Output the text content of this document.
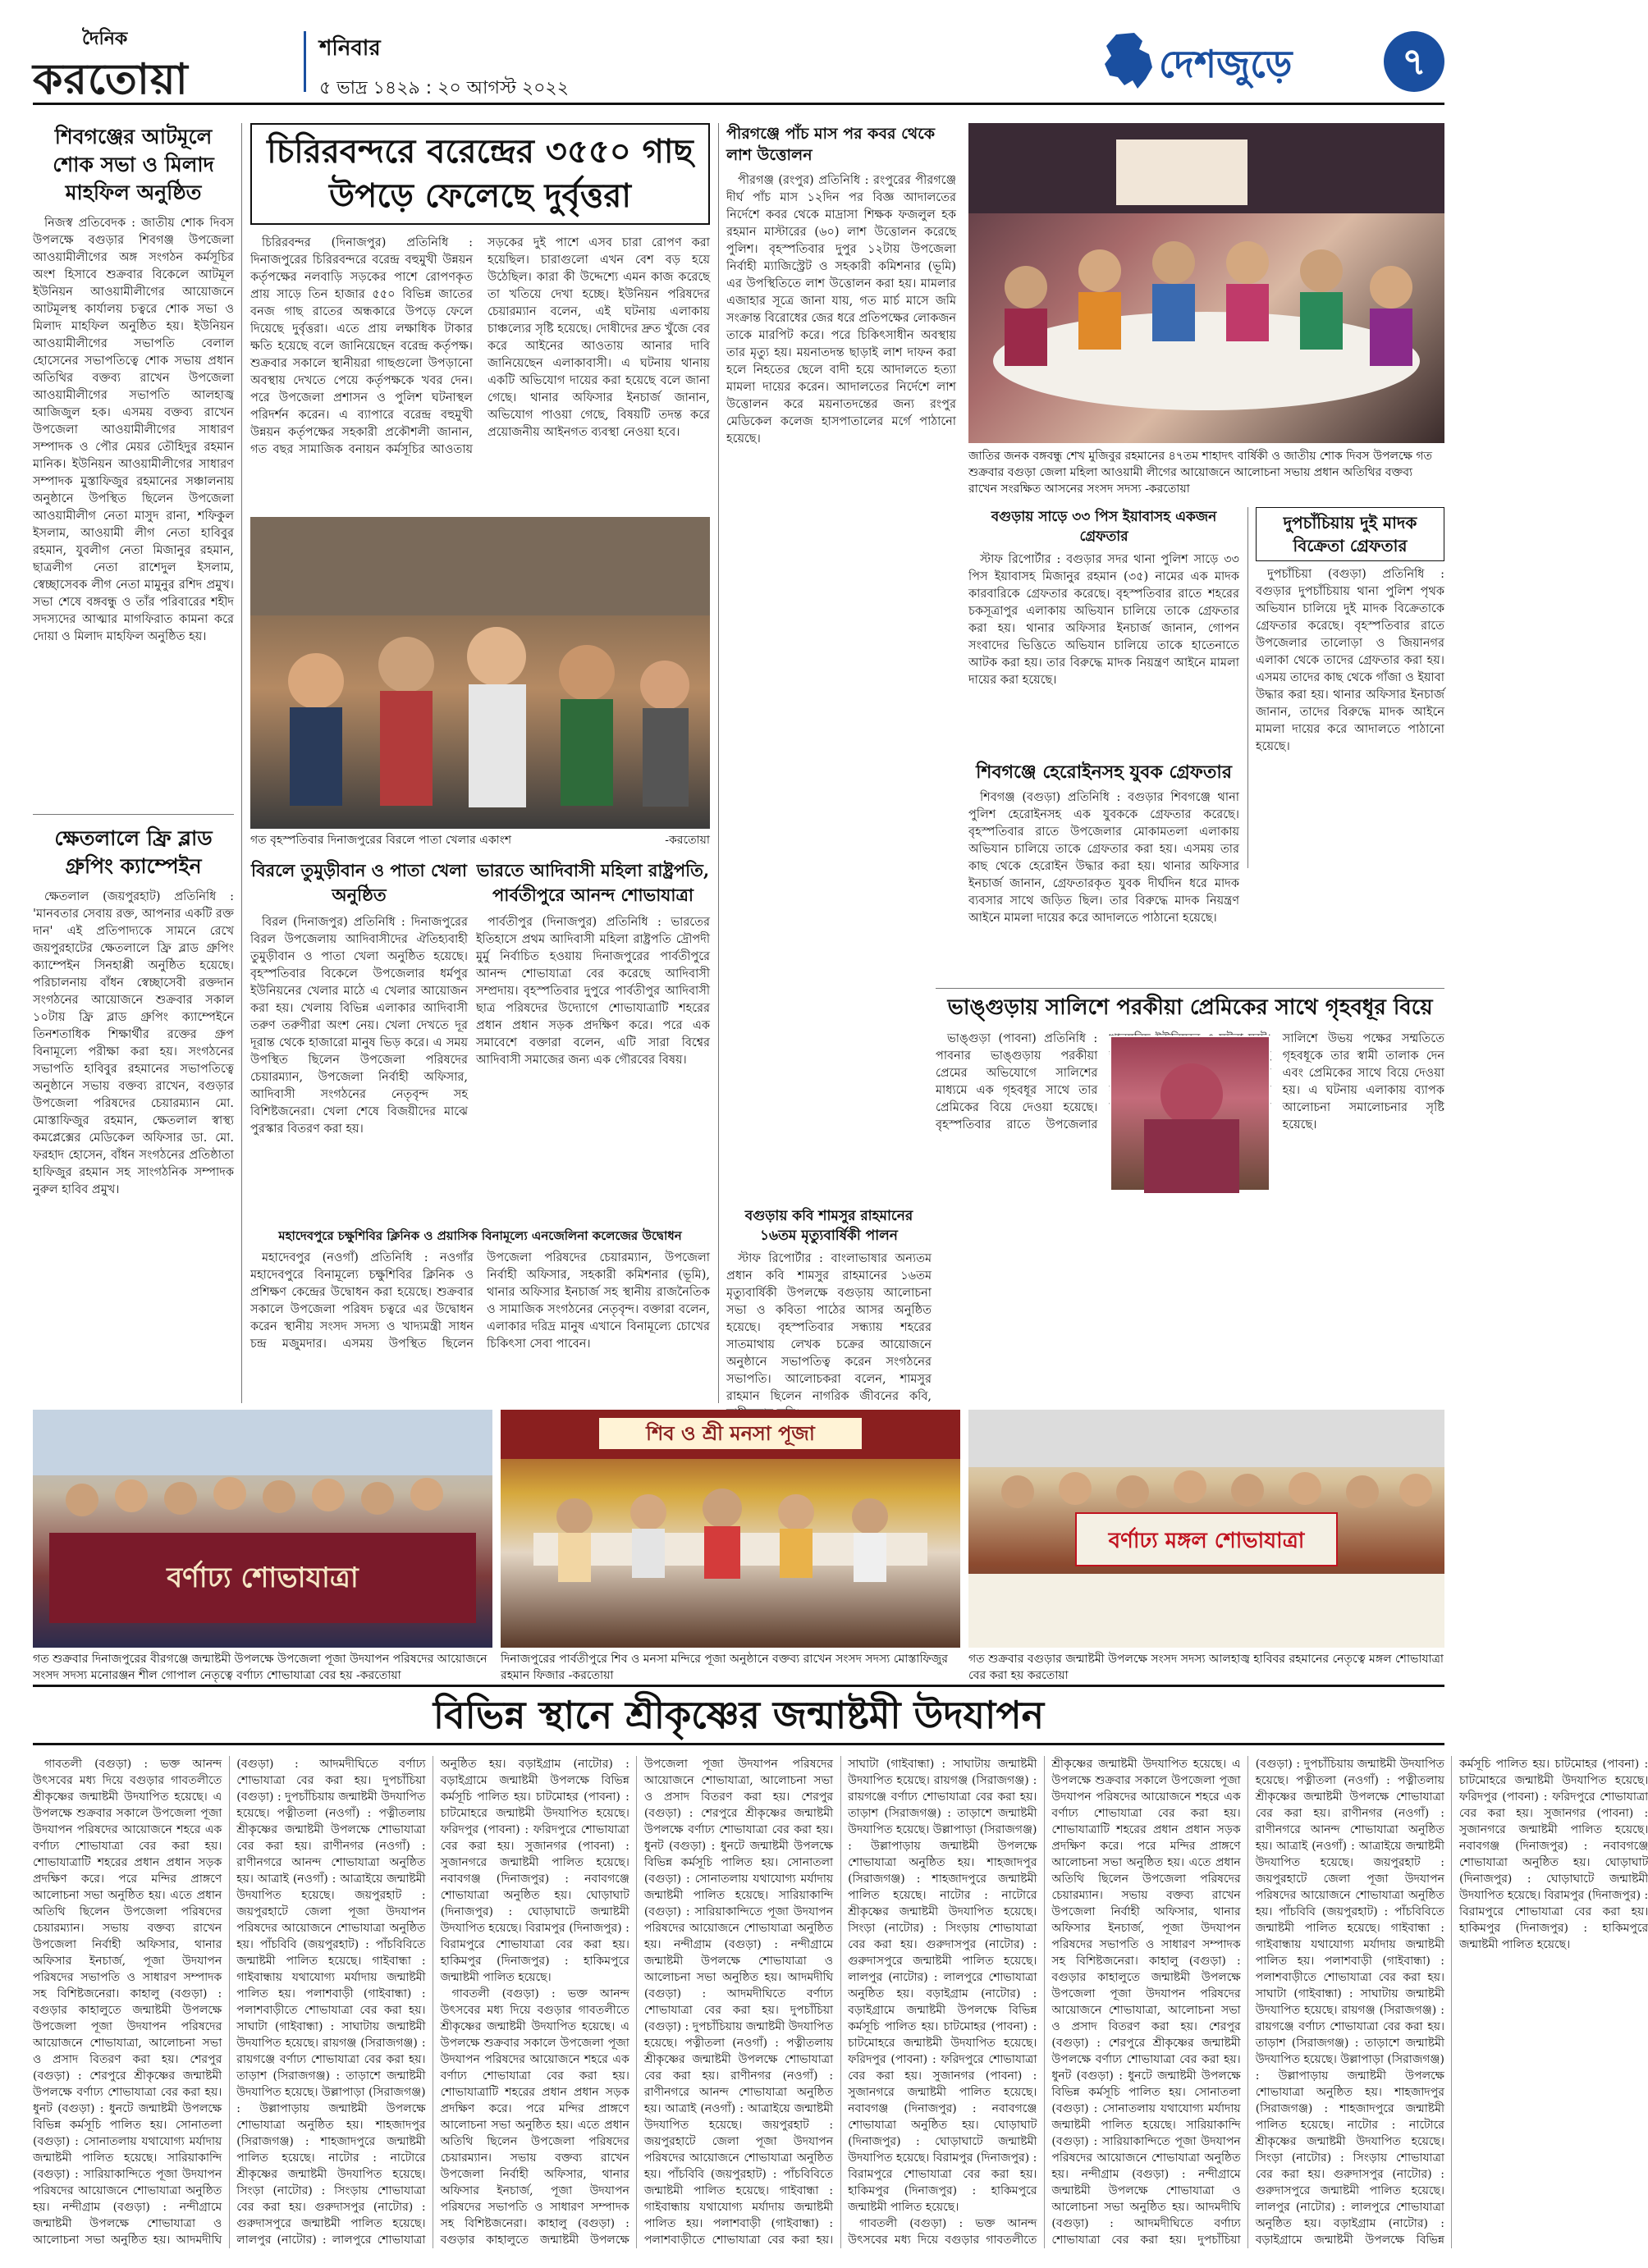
দৈনিক
করতোয়া
শনিবার
৫ ভাদ্র ১৪২৯ : ২০ আগস্ট ২০২২
দেশজুড়ে	৭
শিবগঞ্জের আটমূলে শোক সভা ও মিলাদ মাহফিল অনুষ্ঠিত

নিজস্ব প্রতিবেদক : জাতীয় শোক দিবস উপলক্ষে বগুড়ার শিবগঞ্জ উপজেলা আওয়ামীলীগের অঙ্গ সংগঠন কর্মসূচির অংশ হিসাবে শুক্রবার বিকেলে আটমূল ইউনিয়ন আওয়ামীলীগের আয়োজনে আটমূলস্থ কার্যালয় চত্বরে শোক সভা ও মিলাদ মাহফিল অনুষ্ঠিত হয়। ইউনিয়ন আওয়ামীলীগের সভাপতি বেলাল হোসেনের সভাপতিত্বে শোক সভায় প্রধান অতিথির বক্তব্য রাখেন উপজেলা আওয়ামীলীগের সভাপতি আলহাজ্ব আজিজুল হক। এসময় বক্তব্য রাখেন উপজেলা আওয়ামীলীগের সাধারণ সম্পাদক ও পৌর মেয়র তৌহিদুর রহমান মানিক। ইউনিয়ন আওয়ামীলীগের সাধারণ সম্পাদক মুস্তাফিজুর রহমানের সঞ্চালনায় অনুষ্ঠানে উপস্থিত ছিলেন উপজেলা আওয়ামীলীগ নেতা মাসুদ রানা, শফিকুল ইসলাম, আওয়ামী লীগ নেতা হাবিবুর রহমান, যুবলীগ নেতা মিজানুর রহমান, ছাত্রলীগ নেতা রাশেদুল ইসলাম, স্বেচ্ছাসেবক লীগ নেতা মামুনুর রশিদ প্রমুখ। সভা শেষে বঙ্গবন্ধু ও তাঁর পরিবারের শহীদ সদস্যদের আত্মার মাগফিরাত কামনা করে দোয়া ও মিলাদ মাহফিল অনুষ্ঠিত হয়।

ক্ষেতলালে ফ্রি ব্লাড গ্রুপিং ক্যাম্পেইন

ক্ষেতলাল (জয়পুরহাট) প্রতিনিধি : 'মানবতার সেবায় রক্ত, আপনার একটি রক্ত দান' এই প্রতিপাদ্যকে সামনে রেখে জয়পুরহাটের ক্ষেতলালে ফ্রি ব্লাড গ্রুপিং ক্যাম্পেইন সিনহাপ্পী অনুষ্ঠিত হয়েছে। পরিচালনায় বাঁধন স্বেচ্ছাসেবী রক্তদান সংগঠনের আয়োজনে শুক্রবার সকাল ১০টায় ফ্রি ব্লাড গ্রুপিং ক্যাম্পেইনে তিনশতাধিক শিক্ষার্থীর রক্তের গ্রুপ বিনামূল্যে পরীক্ষা করা হয়। সংগঠনের সভাপতি হাবিবুর রহমানের সভাপতিত্বে অনুষ্ঠানে সভায় বক্তব্য রাখেন, বগুড়ার উপজেলা পরিষদের চেয়ারম্যান মো. মোস্তাফিজুর রহমান, ক্ষেতলাল স্বাস্থ্য কমপ্লেক্সের মেডিকেল অফিসার ডা. মো. ফরহাদ হোসেন, বাঁধন সংগঠনের প্রতিষ্ঠাতা হাফিজুর রহমান সহ সাংগঠনিক সম্পাদক নুরুল হাবিব প্রমুখ।

চিরিরবন্দরে বরেন্দ্রের ৩৫৫০ গাছ উপড়ে ফেলেছে দুর্বৃত্তরা

চিরিরবন্দর (দিনাজপুর) প্রতিনিধি : দিনাজপুরের চিরিরবন্দরে বরেন্দ্র বহুমুখী উন্নয়ন কর্তৃপক্ষের নলবাড়ি সড়কের পাশে রোপণকৃত প্রায় সাড়ে তিন হাজার ৫৫০ বিভিন্ন জাতের বনজ গাছ রাতের অন্ধকারে উপড়ে ফেলে দিয়েছে দুর্বৃত্তরা। এতে প্রায় লক্ষাধিক টাকার ক্ষতি হয়েছে বলে জানিয়েছেন বরেন্দ্র কর্তৃপক্ষ। শুক্রবার সকালে স্থানীয়রা গাছগুলো উপড়ানো অবস্থায় দেখতে পেয়ে কর্তৃপক্ষকে খবর দেন। পরে উপজেলা প্রশাসন ও পুলিশ ঘটনাস্থল পরিদর্শন করেন। এ ব্যাপারে বরেন্দ্র বহুমুখী উন্নয়ন কর্তৃপক্ষের সহকারী প্রকৌশলী জানান, গত বছর সামাজিক বনায়ন কর্মসূচির আওতায় সড়কের দুই পাশে এসব চারা রোপণ করা হয়েছিল। চারাগুলো এখন বেশ বড় হয়ে উঠেছিল। কারা কী উদ্দেশ্যে এমন কাজ করেছে তা খতিয়ে দেখা হচ্ছে। ইউনিয়ন পরিষদের চেয়ারম্যান বলেন, এই ঘটনায় এলাকায় চাঞ্চল্যের সৃষ্টি হয়েছে। দোষীদের দ্রুত খুঁজে বের করে আইনের আওতায় আনার দাবি জানিয়েছেন এলাকাবাসী। এ ঘটনায় থানায় একটি অভিযোগ দায়ের করা হয়েছে বলে জানা গেছে। থানার অফিসার ইনচার্জ জানান, অভিযোগ পাওয়া গেছে, বিষয়টি তদন্ত করে প্রয়োজনীয় আইনগত ব্যবস্থা নেওয়া হবে।

গত বৃহস্পতিবার দিনাজপুরের বিরলে পাতা খেলার একাংশ	-করতোয়া
পীরগঞ্জে পাঁচ মাস পর কবর থেকে লাশ উত্তোলন

পীরগঞ্জ (রংপুর) প্রতিনিধি : রংপুরের পীরগঞ্জে দীর্ঘ পাঁচ মাস ১২দিন পর বিজ্ঞ আদালতের নির্দেশে কবর থেকে মাদ্রাসা শিক্ষক ফজলুল হক রহমান মাস্টারের (৬০) লাশ উত্তোলন করেছে পুলিশ। বৃহস্পতিবার দুপুর ১২টায় উপজেলা নির্বাহী ম্যাজিস্ট্রেট ও সহকারী কমিশনার (ভূমি) এর উপস্থিতিতে লাশ উত্তোলন করা হয়। মামলার এজাহার সূত্রে জানা যায়, গত মার্চ মাসে জমি সংক্রান্ত বিরোধের জের ধরে প্রতিপক্ষের লোকজন তাকে মারপিট করে। পরে চিকিৎসাধীন অবস্থায় তার মৃত্যু হয়। ময়নাতদন্ত ছাড়াই লাশ দাফন করা হলে নিহতের ছেলে বাদী হয়ে আদালতে হত্যা মামলা দায়ের করেন। আদালতের নির্দেশে লাশ উত্তোলন করে ময়নাতদন্তের জন্য রংপুর মেডিকেল কলেজ হাসপাতালের মর্গে পাঠানো হয়েছে।

ভারতে আদিবাসী মহিলা রাষ্ট্রপতি, পার্বতীপুরে আনন্দ শোভাযাত্রা

পার্বতীপুর (দিনাজপুর) প্রতিনিধি : ভারতের ইতিহাসে প্রথম আদিবাসী মহিলা রাষ্ট্রপতি দ্রৌপদী মুর্মু নির্বাচিত হওয়ায় দিনাজপুরের পার্বতীপুরে আনন্দ শোভাযাত্রা বের করেছে আদিবাসী সম্প্রদায়। বৃহস্পতিবার দুপুরে পার্বতীপুর আদিবাসী ছাত্র পরিষদের উদ্যোগে শোভাযাত্রাটি শহরের প্রধান প্রধান সড়ক প্রদক্ষিণ করে। পরে এক সমাবেশে বক্তারা বলেন, এটি সারা বিশ্বের আদিবাসী সমাজের জন্য এক গৌরবের বিষয়।

বিরলে তুমুড়ীবান ও পাতা খেলা অনুষ্ঠিত

বিরল (দিনাজপুর) প্রতিনিধি : দিনাজপুরের বিরল উপজেলায় আদিবাসীদের ঐতিহ্যবাহী তুমুড়ীবান ও পাতা খেলা অনুষ্ঠিত হয়েছে। বৃহস্পতিবার বিকেলে উপজেলার ধর্মপুর ইউনিয়নের খেলার মাঠে এ খেলার আয়োজন করা হয়। খেলায় বিভিন্ন এলাকার আদিবাসী তরুণ তরুণীরা অংশ নেয়। খেলা দেখতে দূর দূরান্ত থেকে হাজারো মানুষ ভিড় করে। এ সময় উপস্থিত ছিলেন উপজেলা পরিষদের চেয়ারম্যান, উপজেলা নির্বাহী অফিসার, আদিবাসী সংগঠনের নেতৃবৃন্দ সহ বিশিষ্টজনেরা। খেলা শেষে বিজয়ীদের মাঝে পুরস্কার বিতরণ করা হয়।

মহাদেবপুরে চক্ষুশিবির ক্লিনিক ও প্রয়াসিক বিনামূল্যে এনজেলিনা কলেজের উদ্বোধন

মহাদেবপুর (নওগাঁ) প্রতিনিধি : নওগাঁর মহাদেবপুরে বিনামূল্যে চক্ষুশিবির ক্লিনিক ও প্রশিক্ষণ কেন্দ্রের উদ্বোধন করা হয়েছে। শুক্রবার সকালে উপজেলা পরিষদ চত্বরে এর উদ্বোধন করেন স্থানীয় সংসদ সদস্য ও খাদ্যমন্ত্রী সাধন চন্দ্র মজুমদার। এসময় উপস্থিত ছিলেন উপজেলা পরিষদের চেয়ারম্যান, উপজেলা নির্বাহী অফিসার, সহকারী কমিশনার (ভূমি), থানার অফিসার ইনচার্জ সহ স্থানীয় রাজনৈতিক ও সামাজিক সংগঠনের নেতৃবৃন্দ। বক্তারা বলেন, এলাকার দরিদ্র মানুষ এখানে বিনামূল্যে চোখের চিকিৎসা সেবা পাবেন।

জাতির জনক বঙ্গবন্ধু শেখ মুজিবুর রহমানের ৪৭তম শাহাদৎ বার্ষিকী ও জাতীয় শোক দিবস উপলক্ষে গত শুক্রবার বগুড়া জেলা মহিলা আওয়ামী লীগের আয়োজনে আলোচনা সভায় প্রধান অতিথির বক্তব্য রাখেন সংরক্ষিত আসনের সংসদ সদস্য -করতোয়া
বগুড়ায় সাড়ে ৩৩ পিস ইয়াবাসহ একজন গ্রেফতার

স্টাফ রিপোর্টার : বগুড়ার সদর থানা পুলিশ সাড়ে ৩৩ পিস ইয়াবাসহ মিজানুর রহমান (৩৫) নামের এক মাদক কারবারিকে গ্রেফতার করেছে। বৃহস্পতিবার রাতে শহরের চকসূত্রাপুর এলাকায় অভিযান চালিয়ে তাকে গ্রেফতার করা হয়। থানার অফিসার ইনচার্জ জানান, গোপন সংবাদের ভিত্তিতে অভিযান চালিয়ে তাকে হাতেনাতে আটক করা হয়। তার বিরুদ্ধে মাদক নিয়ন্ত্রণ আইনে মামলা দায়ের করা হয়েছে।

দুপচাঁচিয়ায় দুই মাদক বিক্রেতা গ্রেফতার

দুপচাঁচিয়া (বগুড়া) প্রতিনিধি : বগুড়ার দুপচাঁচিয়ায় থানা পুলিশ পৃথক অভিযান চালিয়ে দুই মাদক বিক্রেতাকে গ্রেফতার করেছে। বৃহস্পতিবার রাতে উপজেলার তালোড়া ও জিয়ানগর এলাকা থেকে তাদের গ্রেফতার করা হয়। এসময় তাদের কাছ থেকে গাঁজা ও ইয়াবা উদ্ধার করা হয়। থানার অফিসার ইনচার্জ জানান, তাদের বিরুদ্ধে মাদক আইনে মামলা দায়ের করে আদালতে পাঠানো হয়েছে।

শিবগঞ্জে হেরোইনসহ যুবক গ্রেফতার

শিবগঞ্জ (বগুড়া) প্রতিনিধি : বগুড়ার শিবগঞ্জে থানা পুলিশ হেরোইনসহ এক যুবককে গ্রেফতার করেছে। বৃহস্পতিবার রাতে উপজেলার মোকামতলা এলাকায় অভিযান চালিয়ে তাকে গ্রেফতার করা হয়। এসময় তার কাছ থেকে হেরোইন উদ্ধার করা হয়। থানার অফিসার ইনচার্জ জানান, গ্রেফতারকৃত যুবক দীর্ঘদিন ধরে মাদক ব্যবসার সাথে জড়িত ছিল। তার বিরুদ্ধে মাদক নিয়ন্ত্রণ আইনে মামলা দায়ের করে আদালতে পাঠানো হয়েছে।

ভাঙ্গুড়ায় সালিশে পরকীয়া প্রেমিকের সাথে গৃহবধূর বিয়ে

ভাঙ্গুড়া (পাবনা) প্রতিনিধি : পাবনার ভাঙ্গুড়ায় পরকীয়া প্রেমের অভিযোগে সালিশের মাধ্যমে এক গৃহবধূর সাথে তার প্রেমিকের বিয়ে দেওয়া হয়েছে। বৃহস্পতিবার রাতে উপজেলার সালিশে উভয় পক্ষের সম্মতিতে গৃহবধূকে তার স্বামী তালাক দেন এবং প্রেমিকের সাথে বিয়ে দেওয়া হয়। এ ঘটনায় এলাকায় ব্যাপক আলোচনা সমালোচনার সৃষ্টি হয়েছে।

বগুড়ায় কবি শামসুর রাহমানের ১৬তম মৃত্যুবার্ষিকী পালন

স্টাফ রিপোর্টার : বাংলাভাষার অন্যতম প্রধান কবি শামসুর রাহমানের ১৬তম মৃত্যুবার্ষিকী উপলক্ষে বগুড়ায় আলোচনা সভা ও কবিতা পাঠের আসর অনুষ্ঠিত হয়েছে। বৃহস্পতিবার সন্ধ্যায় শহরের সাতমাথায় লেখক চক্রের আয়োজনে অনুষ্ঠানে সভাপতিত্ব করেন সংগঠনের সভাপতি। আলোচকরা বলেন, শামসুর রাহমান ছিলেন নাগরিক জীবনের কবি,

বর্ণাঢ্য শোভাযাত্রা
গত শুক্রবার দিনাজপুরের বীরগঞ্জে জন্মাষ্টমী উপলক্ষে উপজেলা পূজা উদযাপন পরিষদের আয়োজনে সংসদ সদস্য মনোরঞ্জন শীল গোপাল নেতৃত্বে বর্ণাঢ্য শোভাযাত্রা বের হয় -করতোয়া
শিব ও শ্রী মনসা পূজা
দিনাজপুরের পার্বতীপুরে শিব ও মনসা মন্দিরে পূজা অনুষ্ঠানে বক্তব্য রাখেন সংসদ সদস্য মোস্তাফিজুর রহমান ফিজার -করতোয়া
বর্ণাঢ্য মঙ্গল শোভাযাত্রা
গত শুক্রবার বগুড়ার জন্মাষ্টমী উপলক্ষে সংসদ সদস্য আলহাজ্ব হাবিবর রহমানের নেতৃত্বে মঙ্গল শোভাযাত্রা বের করা হয় করতোয়া
বিভিন্ন স্থানে শ্রীকৃষ্ণের জন্মাষ্টমী উদযাপন

গাবতলী (বগুড়া) : ভক্ত আনন্দ উৎসবের মধ্য দিয়ে বগুড়ার গাবতলীতে শ্রীকৃষ্ণের জন্মাষ্টমী উদযাপিত হয়েছে। এ উপলক্ষে শুক্রবার সকালে উপজেলা পূজা উদযাপন পরিষদের আয়োজনে শহরে এক বর্ণাঢ্য শোভাযাত্রা বের করা হয়। শোভাযাত্রাটি শহরের প্রধান প্রধান সড়ক প্রদক্ষিণ করে। পরে মন্দির প্রাঙ্গণে আলোচনা সভা অনুষ্ঠিত হয়। এতে প্রধান অতিথি ছিলেন উপজেলা পরিষদের চেয়ারম্যান। সভায় বক্তব্য রাখেন উপজেলা নির্বাহী অফিসার, থানার অফিসার ইনচার্জ, পূজা উদযাপন পরিষদের সভাপতি ও সাধারণ সম্পাদক সহ বিশিষ্টজনেরা। কাহালু (বগুড়া) : বগুড়ার কাহালুতে জন্মাষ্টমী উপলক্ষে উপজেলা পূজা উদযাপন পরিষদের আয়োজনে শোভাযাত্রা, আলোচনা সভা ও প্রসাদ বিতরণ করা হয়। শেরপুর (বগুড়া) : শেরপুরে শ্রীকৃষ্ণের জন্মাষ্টমী উপলক্ষে বর্ণাঢ্য শোভাযাত্রা বের করা হয়। ধুনট (বগুড়া) : ধুনটে জন্মাষ্টমী উপলক্ষে বিভিন্ন কর্মসূচি পালিত হয়। সোনাতলা (বগুড়া) : সোনাতলায় যথাযোগ্য মর্যাদায় জন্মাষ্টমী পালিত হয়েছে। সারিয়াকান্দি (বগুড়া) : সারিয়াকান্দিতে পূজা উদযাপন পরিষদের আয়োজনে শোভাযাত্রা অনুষ্ঠিত হয়। নন্দীগ্রাম (বগুড়া) : নন্দীগ্রামে জন্মাষ্টমী উপলক্ষে শোভাযাত্রা ও আলোচনা সভা অনুষ্ঠিত হয়। আদমদীঘি (বগুড়া) : আদমদীঘিতে বর্ণাঢ্য শোভাযাত্রা বের করা হয়। দুপচাঁচিয়া (বগুড়া) : দুপচাঁচিয়ায় জন্মাষ্টমী উদযাপিত হয়েছে। পত্নীতলা (নওগাঁ) : পত্নীতলায় শ্রীকৃষ্ণের জন্মাষ্টমী উপলক্ষে শোভাযাত্রা বের করা হয়। রাণীনগর (নওগাঁ) : রাণীনগরে আনন্দ শোভাযাত্রা অনুষ্ঠিত হয়। আত্রাই (নওগাঁ) : আত্রাইয়ে জন্মাষ্টমী উদযাপিত হয়েছে। জয়পুরহাট : জয়পুরহাটে জেলা পূজা উদযাপন পরিষদের আয়োজনে শোভাযাত্রা অনুষ্ঠিত হয়। পাঁচবিবি (জয়পুরহাট) : পাঁচবিবিতে জন্মাষ্টমী পালিত হয়েছে। গাইবান্ধা : গাইবান্ধায় যথাযোগ্য মর্যাদায় জন্মাষ্টমী পালিত হয়। পলাশবাড়ী (গাইবান্ধা) : পলাশবাড়ীতে শোভাযাত্রা বের করা হয়। সাঘাটা (গাইবান্ধা) : সাঘাটায় জন্মাষ্টমী উদযাপিত হয়েছে। রায়গঞ্জ (সিরাজগঞ্জ) : রায়গঞ্জে বর্ণাঢ্য শোভাযাত্রা বের করা হয়। তাড়াশ (সিরাজগঞ্জ) : তাড়াশে জন্মাষ্টমী উদযাপিত হয়েছে। উল্লাপাড়া (সিরাজগঞ্জ) : উল্লাপাড়ায় জন্মাষ্টমী উপলক্ষে শোভাযাত্রা অনুষ্ঠিত হয়। শাহজাদপুর (সিরাজগঞ্জ) : শাহজাদপুরে জন্মাষ্টমী পালিত হয়েছে। নাটোর : নাটোরে শ্রীকৃষ্ণের জন্মাষ্টমী উদযাপিত হয়েছে। সিংড়া (নাটোর) : সিংড়ায় শোভাযাত্রা বের করা হয়। গুরুদাসপুর (নাটোর) : গুরুদাসপুরে জন্মাষ্টমী পালিত হয়েছে। লালপুর (নাটোর) : লালপুরে শোভাযাত্রা অনুষ্ঠিত হয়। বড়াইগ্রাম (নাটোর) : বড়াইগ্রামে জন্মাষ্টমী উপলক্ষে বিভিন্ন কর্মসূচি পালিত হয়। চাটমোহর (পাবনা) : চাটমোহরে জন্মাষ্টমী উদযাপিত হয়েছে। ফরিদপুর (পাবনা) : ফরিদপুরে শোভাযাত্রা বের করা হয়। সুজানগর (পাবনা) : সুজানগরে জন্মাষ্টমী পালিত হয়েছে। নবাবগঞ্জ (দিনাজপুর) : নবাবগঞ্জে শোভাযাত্রা অনুষ্ঠিত হয়। ঘোড়াঘাট (দিনাজপুর) : ঘোড়াঘাটে জন্মাষ্টমী উদযাপিত হয়েছে। বিরামপুর (দিনাজপুর) : বিরামপুরে শোভাযাত্রা বের করা হয়। হাকিমপুর (দিনাজপুর) : হাকিমপুরে জন্মাষ্টমী পালিত হয়েছে।

গাবতলী (বগুড়া) : ভক্ত আনন্দ উৎসবের মধ্য দিয়ে বগুড়ার গাবতলীতে শ্রীকৃষ্ণের জন্মাষ্টমী উদযাপিত হয়েছে। এ উপলক্ষে শুক্রবার সকালে উপজেলা পূজা উদযাপন পরিষদের আয়োজনে শহরে এক বর্ণাঢ্য শোভাযাত্রা বের করা হয়। শোভাযাত্রাটি শহরের প্রধান প্রধান সড়ক প্রদক্ষিণ করে। পরে মন্দির প্রাঙ্গণে আলোচনা সভা অনুষ্ঠিত হয়। এতে প্রধান অতিথি ছিলেন উপজেলা পরিষদের চেয়ারম্যান। সভায় বক্তব্য রাখেন উপজেলা নির্বাহী অফিসার, থানার অফিসার ইনচার্জ, পূজা উদযাপন পরিষদের সভাপতি ও সাধারণ সম্পাদক সহ বিশিষ্টজনেরা। কাহালু (বগুড়া) : বগুড়ার কাহালুতে জন্মাষ্টমী উপলক্ষে উপজেলা পূজা উদযাপন পরিষদের আয়োজনে শোভাযাত্রা, আলোচনা সভা ও প্রসাদ বিতরণ করা হয়। শেরপুর (বগুড়া) : শেরপুরে শ্রীকৃষ্ণের জন্মাষ্টমী উপলক্ষে বর্ণাঢ্য শোভাযাত্রা বের করা হয়। ধুনট (বগুড়া) : ধুনটে জন্মাষ্টমী উপলক্ষে বিভিন্ন কর্মসূচি পালিত হয়। সোনাতলা (বগুড়া) : সোনাতলায় যথাযোগ্য মর্যাদায় জন্মাষ্টমী পালিত হয়েছে। সারিয়াকান্দি (বগুড়া) : সারিয়াকান্দিতে পূজা উদযাপন পরিষদের আয়োজনে শোভাযাত্রা অনুষ্ঠিত হয়। নন্দীগ্রাম (বগুড়া) : নন্দীগ্রামে জন্মাষ্টমী উপলক্ষে শোভাযাত্রা ও আলোচনা সভা অনুষ্ঠিত হয়। আদমদীঘি (বগুড়া) : আদমদীঘিতে বর্ণাঢ্য শোভাযাত্রা বের করা হয়। দুপচাঁচিয়া (বগুড়া) : দুপচাঁচিয়ায় জন্মাষ্টমী উদযাপিত হয়েছে। পত্নীতলা (নওগাঁ) : পত্নীতলায় শ্রীকৃষ্ণের জন্মাষ্টমী উপলক্ষে শোভাযাত্রা বের করা হয়। রাণীনগর (নওগাঁ) : রাণীনগরে আনন্দ শোভাযাত্রা অনুষ্ঠিত হয়। আত্রাই (নওগাঁ) : আত্রাইয়ে জন্মাষ্টমী উদযাপিত হয়েছে। জয়পুরহাট : জয়পুরহাটে জেলা পূজা উদযাপন পরিষদের আয়োজনে শোভাযাত্রা অনুষ্ঠিত হয়। পাঁচবিবি (জয়পুরহাট) : পাঁচবিবিতে জন্মাষ্টমী পালিত হয়েছে। গাইবান্ধা : গাইবান্ধায় যথাযোগ্য মর্যাদায় জন্মাষ্টমী পালিত হয়। পলাশবাড়ী (গাইবান্ধা) : পলাশবাড়ীতে শোভাযাত্রা বের করা হয়। সাঘাটা (গাইবান্ধা) : সাঘাটায় জন্মাষ্টমী উদযাপিত হয়েছে। রায়গঞ্জ (সিরাজগঞ্জ) : রায়গঞ্জে বর্ণাঢ্য শোভাযাত্রা বের করা হয়। তাড়াশ (সিরাজগঞ্জ) : তাড়াশে জন্মাষ্টমী উদযাপিত হয়েছে। উল্লাপাড়া (সিরাজগঞ্জ) : উল্লাপাড়ায় জন্মাষ্টমী উপলক্ষে শোভাযাত্রা অনুষ্ঠিত হয়। শাহজাদপুর (সিরাজগঞ্জ) : শাহজাদপুরে জন্মাষ্টমী পালিত হয়েছে। নাটোর : নাটোরে শ্রীকৃষ্ণের জন্মাষ্টমী উদযাপিত হয়েছে। সিংড়া (নাটোর) : সিংড়ায় শোভাযাত্রা বের করা হয়। গুরুদাসপুর (নাটোর) : গুরুদাসপুরে জন্মাষ্টমী পালিত হয়েছে। লালপুর (নাটোর) : লালপুরে শোভাযাত্রা অনুষ্ঠিত হয়। বড়াইগ্রাম (নাটোর) : বড়াইগ্রামে জন্মাষ্টমী উপলক্ষে বিভিন্ন কর্মসূচি পালিত হয়। চাটমোহর (পাবনা) : চাটমোহরে জন্মাষ্টমী উদযাপিত হয়েছে। ফরিদপুর (পাবনা) : ফরিদপুরে শোভাযাত্রা বের করা হয়। সুজানগর (পাবনা) : সুজানগরে জন্মাষ্টমী পালিত হয়েছে। নবাবগঞ্জ (দিনাজপুর) : নবাবগঞ্জে শোভাযাত্রা অনুষ্ঠিত হয়। ঘোড়াঘাট (দিনাজপুর) : ঘোড়াঘাটে জন্মাষ্টমী উদযাপিত হয়েছে। বিরামপুর (দিনাজপুর) : বিরামপুরে শোভাযাত্রা বের করা হয়। হাকিমপুর (দিনাজপুর) : হাকিমপুরে জন্মাষ্টমী পালিত হয়েছে।

গাবতলী (বগুড়া) : ভক্ত আনন্দ উৎসবের মধ্য দিয়ে বগুড়ার গাবতলীতে শ্রীকৃষ্ণের জন্মাষ্টমী উদযাপিত হয়েছে। এ উপলক্ষে শুক্রবার সকালে উপজেলা পূজা উদযাপন পরিষদের আয়োজনে শহরে এক বর্ণাঢ্য শোভাযাত্রা বের করা হয়। শোভাযাত্রাটি শহরের প্রধান প্রধান সড়ক প্রদক্ষিণ করে। পরে মন্দির প্রাঙ্গণে আলোচনা সভা অনুষ্ঠিত হয়। এতে প্রধান অতিথি ছিলেন উপজেলা পরিষদের চেয়ারম্যান। সভায় বক্তব্য রাখেন উপজেলা নির্বাহী অফিসার, থানার অফিসার ইনচার্জ, পূজা উদযাপন পরিষদের সভাপতি ও সাধারণ সম্পাদক সহ বিশিষ্টজনেরা। কাহালু (বগুড়া) : বগুড়ার কাহালুতে জন্মাষ্টমী উপলক্ষে উপজেলা পূজা উদযাপন পরিষদের আয়োজনে শোভাযাত্রা, আলোচনা সভা ও প্রসাদ বিতরণ করা হয়। শেরপুর (বগুড়া) : শেরপুরে শ্রীকৃষ্ণের জন্মাষ্টমী উপলক্ষে বর্ণাঢ্য শোভাযাত্রা বের করা হয়। ধুনট (বগুড়া) : ধুনটে জন্মাষ্টমী উপলক্ষে বিভিন্ন কর্মসূচি পালিত হয়। সোনাতলা (বগুড়া) : সোনাতলায় যথাযোগ্য মর্যাদায় জন্মাষ্টমী পালিত হয়েছে। সারিয়াকান্দি (বগুড়া) : সারিয়াকান্দিতে পূজা উদযাপন পরিষদের আয়োজনে শোভাযাত্রা অনুষ্ঠিত হয়। নন্দীগ্রাম (বগুড়া) : নন্দীগ্রামে জন্মাষ্টমী উপলক্ষে শোভাযাত্রা ও আলোচনা সভা অনুষ্ঠিত হয়। আদমদীঘি (বগুড়া) : আদমদীঘিতে বর্ণাঢ্য শোভাযাত্রা বের করা হয়। দুপচাঁচিয়া (বগুড়া) : দুপচাঁচিয়ায় জন্মাষ্টমী উদযাপিত হয়েছে। পত্নীতলা (নওগাঁ) : পত্নীতলায় শ্রীকৃষ্ণের জন্মাষ্টমী উপলক্ষে শোভাযাত্রা বের করা হয়। রাণীনগর (নওগাঁ) : রাণীনগরে আনন্দ শোভাযাত্রা অনুষ্ঠিত হয়। আত্রাই (নওগাঁ) : আত্রাইয়ে জন্মাষ্টমী উদযাপিত হয়েছে। জয়পুরহাট : জয়পুরহাটে জেলা পূজা উদযাপন পরিষদের আয়োজনে শোভাযাত্রা অনুষ্ঠিত হয়। পাঁচবিবি (জয়পুরহাট) : পাঁচবিবিতে জন্মাষ্টমী পালিত হয়েছে। গাইবান্ধা : গাইবান্ধায় যথাযোগ্য মর্যাদায় জন্মাষ্টমী পালিত হয়। পলাশবাড়ী (গাইবান্ধা) : পলাশবাড়ীতে শোভাযাত্রা বের করা হয়। সাঘাটা (গাইবান্ধা) : সাঘাটায় জন্মাষ্টমী উদযাপিত হয়েছে। রায়গঞ্জ (সিরাজগঞ্জ) : রায়গঞ্জে বর্ণাঢ্য শোভাযাত্রা বের করা হয়। তাড়াশ (সিরাজগঞ্জ) : তাড়াশে জন্মাষ্টমী উদযাপিত হয়েছে। উল্লাপাড়া (সিরাজগঞ্জ) : উল্লাপাড়ায় জন্মাষ্টমী উপলক্ষে শোভাযাত্রা অনুষ্ঠিত হয়। শাহজাদপুর (সিরাজগঞ্জ) : শাহজাদপুরে জন্মাষ্টমী পালিত হয়েছে। নাটোর : নাটোরে শ্রীকৃষ্ণের জন্মাষ্টমী উদযাপিত হয়েছে। সিংড়া (নাটোর) : সিংড়ায় শোভাযাত্রা বের করা হয়। গুরুদাসপুর (নাটোর) : গুরুদাসপুরে জন্মাষ্টমী পালিত হয়েছে। লালপুর (নাটোর) : লালপুরে শোভাযাত্রা অনুষ্ঠিত হয়। বড়াইগ্রাম (নাটোর) : বড়াইগ্রামে জন্মাষ্টমী উপলক্ষে বিভিন্ন কর্মসূচি পালিত হয়। চাটমোহর (পাবনা) : চাটমোহরে জন্মাষ্টমী উদযাপিত হয়েছে। ফরিদপুর (পাবনা) : ফরিদপুরে শোভাযাত্রা বের করা হয়। সুজানগর (পাবনা) : সুজানগরে জন্মাষ্টমী পালিত হয়েছে। নবাবগঞ্জ (দিনাজপুর) : নবাবগঞ্জে শোভাযাত্রা অনুষ্ঠিত হয়। ঘোড়াঘাট (দিনাজপুর) : ঘোড়াঘাটে জন্মাষ্টমী উদযাপিত হয়েছে। বিরামপুর (দিনাজপুর) : বিরামপুরে শোভাযাত্রা বের করা হয়। হাকিমপুর (দিনাজপুর) : হাকিমপুরে জন্মাষ্টমী পালিত হয়েছে।
